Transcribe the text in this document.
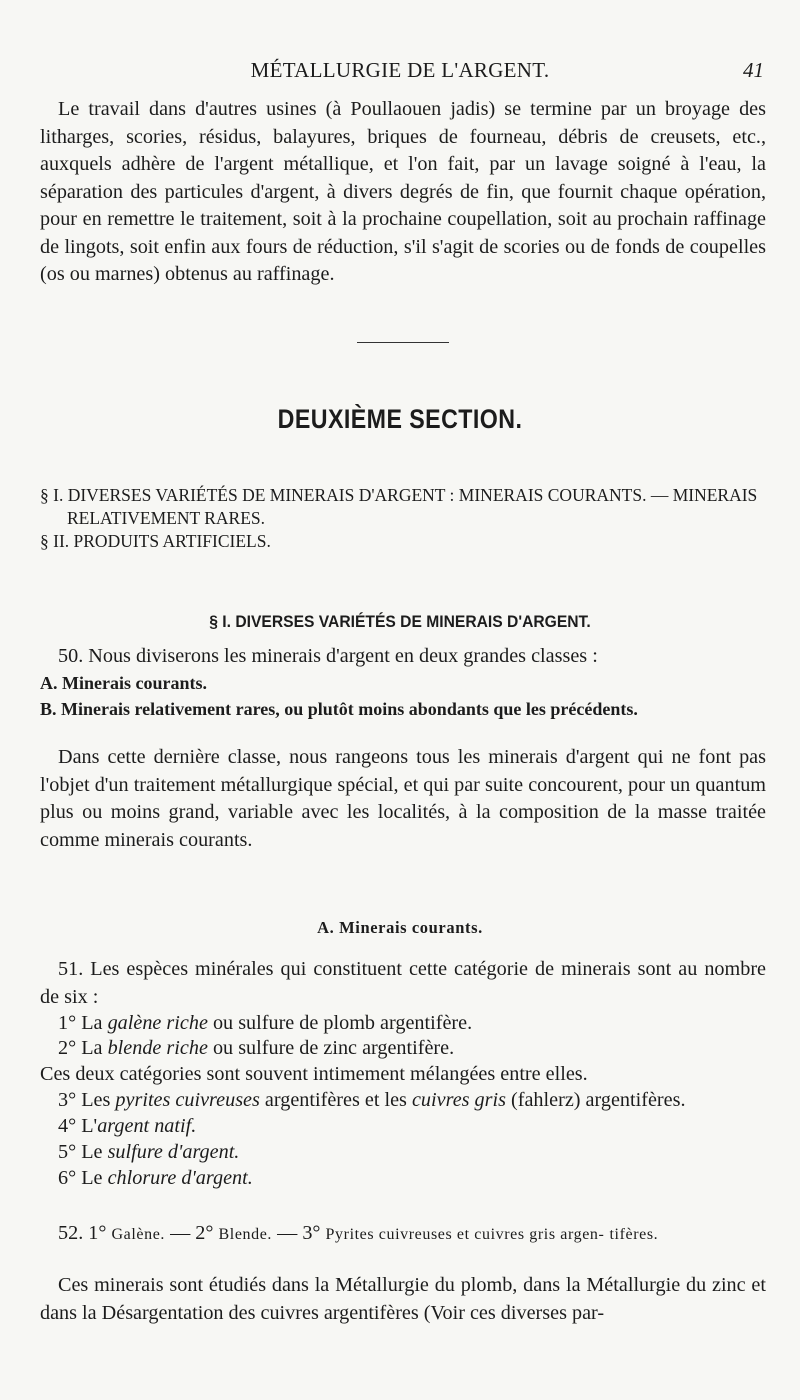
MÉTALLURGIE DE L'ARGENT.	41

Le travail dans d'autres usines (à Poullaouen jadis) se termine par un broyage des litharges, scories, résidus, balayures, briques de fourneau, débris de creusets, etc., auxquels adhère de l'argent métallique, et l'on fait, par un lavage soigné à l'eau, la séparation des particules d'argent, à divers degrés de fin, que fournit chaque opération, pour en remettre le traitement, soit à la prochaine coupellation, soit au prochain raffinage de lingots, soit enfin aux fours de réduction, s'il s'agit de scories ou de fonds de coupelles (os ou marnes) obtenus au raffinage.

DEUXIÈME SECTION.
§ I. DIVERSES VARIÉTÉS DE MINERAIS D'ARGENT : MINERAIS COURANTS. — MINERAIS
RELATIVEMENT RARES.
§ II. PRODUITS ARTIFICIELS.
§ I. DIVERSES VARIÉTÉS DE MINERAIS D'ARGENT.

50. Nous diviserons les minerais d'argent en deux grandes classes :

A. Minerais courants.

B. Minerais relativement rares, ou plutôt moins abondants que les précédents.

Dans cette dernière classe, nous rangeons tous les minerais d'argent qui ne font pas l'objet d'un traitement métallurgique spécial, et qui par suite concourent, pour un quantum plus ou moins grand, variable avec les localités, à la composition de la masse traitée comme minerais courants.

A. Minerais courants.

51. Les espèces minérales qui constituent cette catégorie de minerais sont au nombre de six :

1° La galène riche ou sulfure de plomb argentifère.

2° La blende riche ou sulfure de zinc argentifère.

Ces deux catégories sont souvent intimement mélangées entre elles.

3° Les pyrites cuivreuses argentifères et les cuivres gris (fahlerz) argentifères.

4° L'argent natif.

5° Le sulfure d'argent.

6° Le chlorure d'argent.

52. 1° Galène. — 2° Blende. — 3° Pyrites cuivreuses et cuivres gris argen- tifères.

Ces minerais sont étudiés dans la Métallurgie du plomb, dans la Métallurgie du zinc et dans la Désargentation des cuivres argentifères (Voir ces diverses par-
